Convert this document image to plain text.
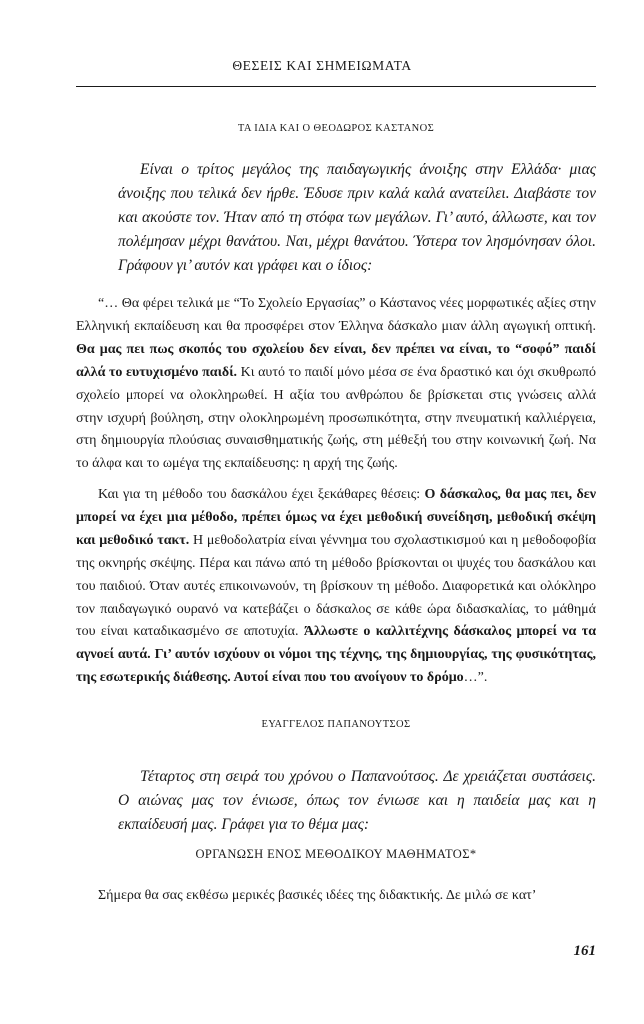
ΘΕΣΕΙΣ ΚΑΙ ΣΗΜΕΙΩΜΑΤΑ
ΤΑ ΙΔΙΑ ΚΑΙ Ο ΘΕΟΔΩΡΟΣ ΚΑΣΤΑΝΟΣ

Είναι ο τρίτος μεγάλος της παιδαγωγικής άνοιξης στην Ελλάδα· μιας άνοιξης που τελικά δεν ήρθε. Έδυσε πριν καλά καλά ανατείλει. Διαβάστε τον και ακούστε τον. Ήταν από τη στόφα των μεγάλων. Γι’ αυτό, άλλωστε, και τον πολέμησαν μέχρι θανάτου. Ναι, μέχρι θανάτου. Ύστερα τον λησμόνησαν όλοι. Γράφουν γι’ αυτόν και γράφει και ο ίδιος:

“… Θα φέρει τελικά με “Το Σχολείο Εργασίας” ο Κάστανος νέες μορφωτικές αξίες στην Ελληνική εκπαίδευση και θα προσφέρει στον Έλληνα δάσκαλο μιαν άλλη αγωγική οπτική. Θα μας πει πως σκοπός του σχολείου δεν είναι, δεν πρέπει να είναι, το “σοφό” παιδί αλλά το ευτυχισμένο παιδί. Κι αυτό το παιδί μόνο μέσα σε ένα δραστικό και όχι σκυθρωπό σχολείο μπορεί να ολοκληρωθεί. Η αξία του ανθρώπου δε βρίσκεται στις γνώσεις αλλά στην ισχυρή βούληση, στην ολοκληρωμένη προσωπικότητα, στην πνευματική καλλιέργεια, στη δημιουργία πλούσιας συναισθηματικής ζωής, στη μέθεξή του στην κοινωνική ζωή. Να το άλφα και το ωμέγα της εκπαίδευσης: η αρχή της ζωής.

Και για τη μέθοδο του δασκάλου έχει ξεκάθαρες θέσεις: Ο δάσκαλος, θα μας πει, δεν μπορεί να έχει μια μέθοδο, πρέπει όμως να έχει μεθοδική συνείδηση, μεθοδική σκέψη και μεθοδικό τακτ. Η μεθοδολατρία είναι γέννημα του σχολαστικισμού και η μεθοδοφοβία της οκνηρής σκέψης. Πέρα και πάνω από τη μέθοδο βρίσκονται οι ψυχές του δασκάλου και του παιδιού. Όταν αυτές επικοινωνούν, τη βρίσκουν τη μέθοδο. Διαφορετικά και ολόκληρο τον παιδαγωγικό ουρανό να κατεβάζει ο δάσκαλος σε κάθε ώρα διδασκαλίας, το μάθημά του είναι καταδικασμένο σε αποτυχία. Άλλωστε ο καλλιτέχνης δάσκαλος μπορεί να τα αγνοεί αυτά. Γι’ αυτόν ισχύουν οι νόμοι της τέχνης, της δημιουργίας, της φυσικότητας, της εσωτερικής διάθεσης. Αυτοί είναι που του ανοίγουν το δρόμο…”.

ΕΥΑΓΓΕΛΟΣ ΠΑΠΑΝΟΥΤΣΟΣ

Τέταρτος στη σειρά του χρόνου ο Παπανούτσος. Δε χρειάζεται συστάσεις. Ο αιώνας μας τον ένιωσε, όπως τον ένιωσε και η παιδεία μας και η εκπαίδευσή μας. Γράφει για το θέμα μας:

ΟΡΓΑΝΩΣΗ ΕΝΟΣ ΜΕΘΟΔΙΚΟΥ ΜΑΘΗΜΑΤΟΣ*

Σήμερα θα σας εκθέσω μερικές βασικές ιδέες της διδακτικής. Δε μιλώ σε κατ’

161
